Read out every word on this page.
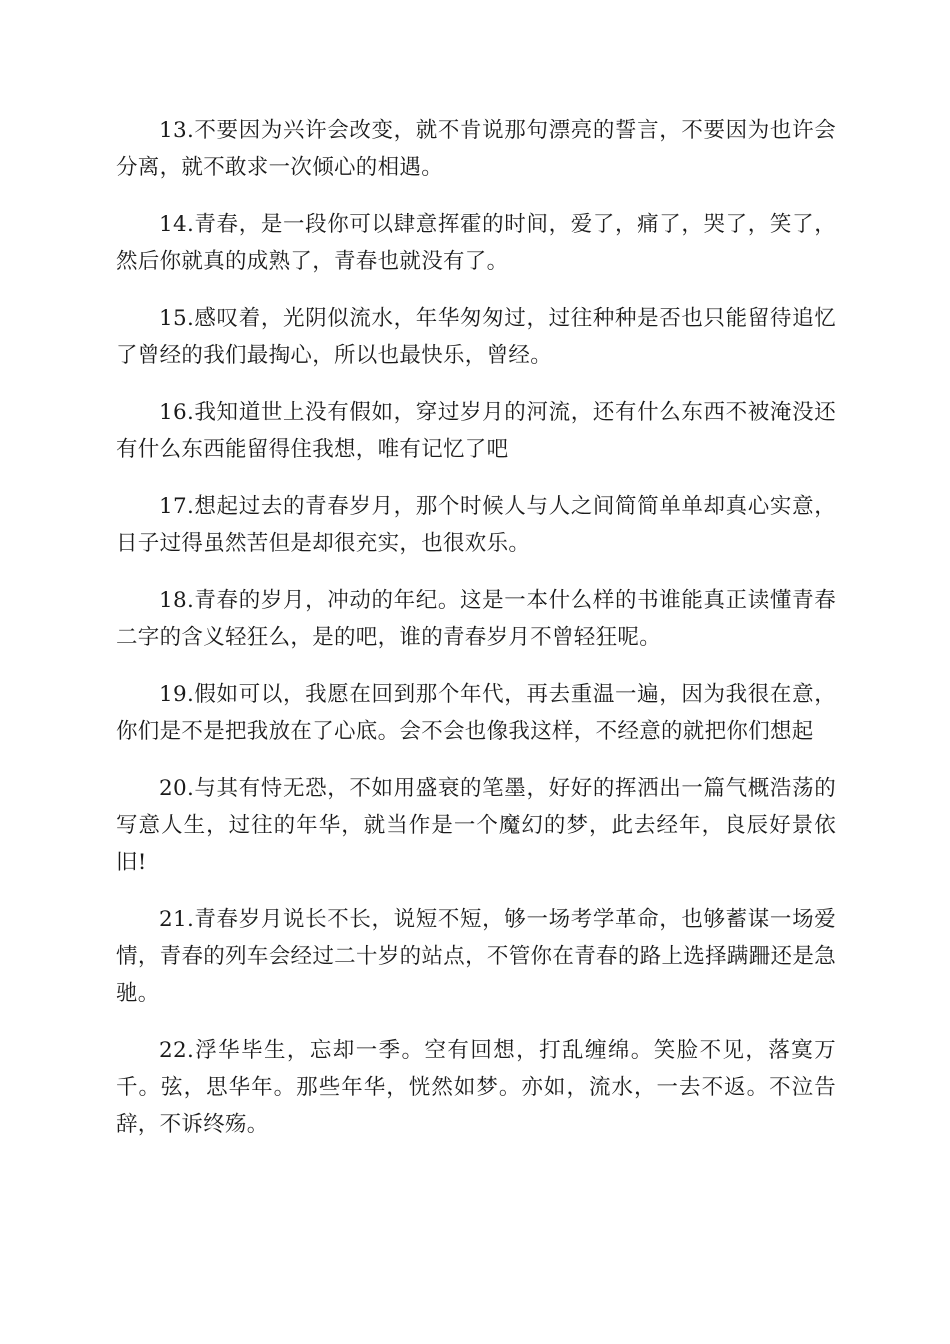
13.不要因为兴许会改变，就不肯说那句漂亮的誓言，不要因为也许会分离，就不敢求一次倾心的相遇。

14.青春，是一段你可以肆意挥霍的时间，爱了，痛了，哭了，笑了，然后你就真的成熟了，青春也就没有了。

15.感叹着，光阴似流水，年华匆匆过，过往种种是否也只能留待追忆了曾经的我们最掏心，所以也最快乐，曾经。

16.我知道世上没有假如，穿过岁月的河流，还有什么东西不被淹没还有什么东西能留得住我想，唯有记忆了吧

17.想起过去的青春岁月，那个时候人与人之间简简单单却真心实意，日子过得虽然苦但是却很充实，也很欢乐。

18.青春的岁月，冲动的年纪。这是一本什么样的书谁能真正读懂青春二字的含义轻狂么，是的吧，谁的青春岁月不曾轻狂呢。

19.假如可以，我愿在回到那个年代，再去重温一遍，因为我很在意，你们是不是把我放在了心底。会不会也像我这样，不经意的就把你们想起

20.与其有恃无恐，不如用盛衰的笔墨，好好的挥洒出一篇气概浩荡的写意人生，过往的年华，就当作是一个魔幻的梦，此去经年，良辰好景依旧!

21.青春岁月说长不长，说短不短，够一场考学革命，也够蓄谋一场爱情，青春的列车会经过二十岁的站点，不管你在青春的路上选择蹒跚还是急驰。

22.浮华毕生，忘却一季。空有回想，打乱缠绵。笑脸不见，落寞万千。弦，思华年。那些年华，恍然如梦。亦如，流水，一去不返。不泣告辞，不诉终殇。
